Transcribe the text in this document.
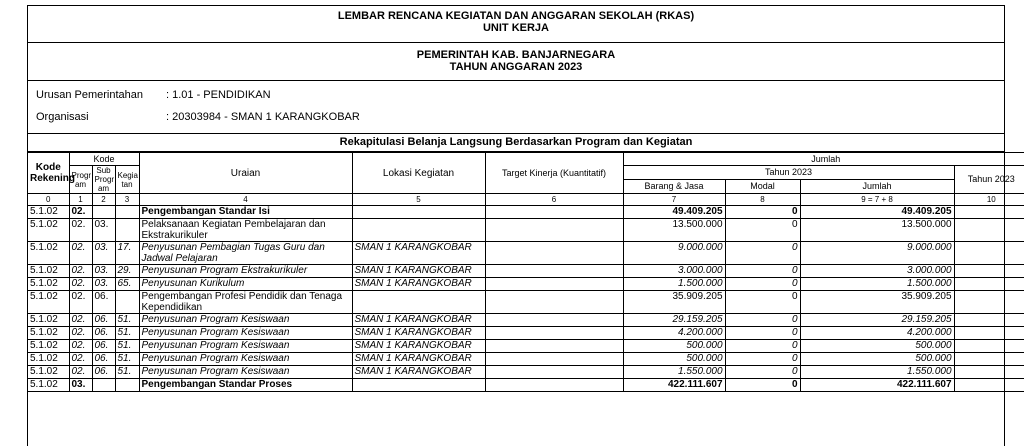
LEMBAR RENCANA KEGIATAN DAN ANGGARAN SEKOLAH (RKAS)
UNIT KERJA
PEMERINTAH KAB. BANJARNEGARA
TAHUN ANGGARAN 2023
Urusan Pemerintahan : 1.01 - PENDIDIKAN
Organisasi	: 20303984 - SMAN 1 KARANGKOBAR
Rekapitulasi Belanja Langsung Berdasarkan Program dan Kegiatan
Kode Rekening	Kode			Uraian	Lokasi Kegiatan	Target Kinerja (Kuantitatif)	Jumlah			
	Progr am	Sub Progr am	Kegia tan				Tahun 2023			Tahun 2023
							Barang & Jasa	Modal	Jumlah	
0	1	2	3	4	5	6	7	8	9 = 7 + 8	10
5.1.02	02.			Pengembangan Standar Isi			49.409.205	0	49.409.205	
5.1.02	02.	03.		Pelaksanaan Kegiatan Pembelajaran dan Ekstrakurikuler			13.500.000	0	13.500.000	
5.1.02	02.	03.	17.	Penyusunan Pembagian Tugas Guru dan Jadwal Pelajaran	SMAN 1 KARANGKOBAR		9.000.000	0	9.000.000	
5.1.02	02.	03.	29.	Penyusunan Program Ekstrakurikuler	SMAN 1 KARANGKOBAR		3.000.000	0	3.000.000	
5.1.02	02.	03.	65.	Penyusunan Kurikulum	SMAN 1 KARANGKOBAR		1.500.000	0	1.500.000	
5.1.02	02.	06.		Pengembangan Profesi Pendidik dan Tenaga Kependidikan			35.909.205	0	35.909.205	
5.1.02	02.	06.	51.	Penyusunan Program Kesiswaan	SMAN 1 KARANGKOBAR		29.159.205	0	29.159.205	
5.1.02	02.	06.	51.	Penyusunan Program Kesiswaan	SMAN 1 KARANGKOBAR		4.200.000	0	4.200.000	
5.1.02	02.	06.	51.	Penyusunan Program Kesiswaan	SMAN 1 KARANGKOBAR		500.000	0	500.000	
5.1.02	02.	06.	51.	Penyusunan Program Kesiswaan	SMAN 1 KARANGKOBAR		500.000	0	500.000	
5.1.02	02.	06.	51.	Penyusunan Program Kesiswaan	SMAN 1 KARANGKOBAR		1.550.000	0	1.550.000	
5.1.02	03.			Pengembangan Standar Proses			422.111.607	0	422.111.607	
